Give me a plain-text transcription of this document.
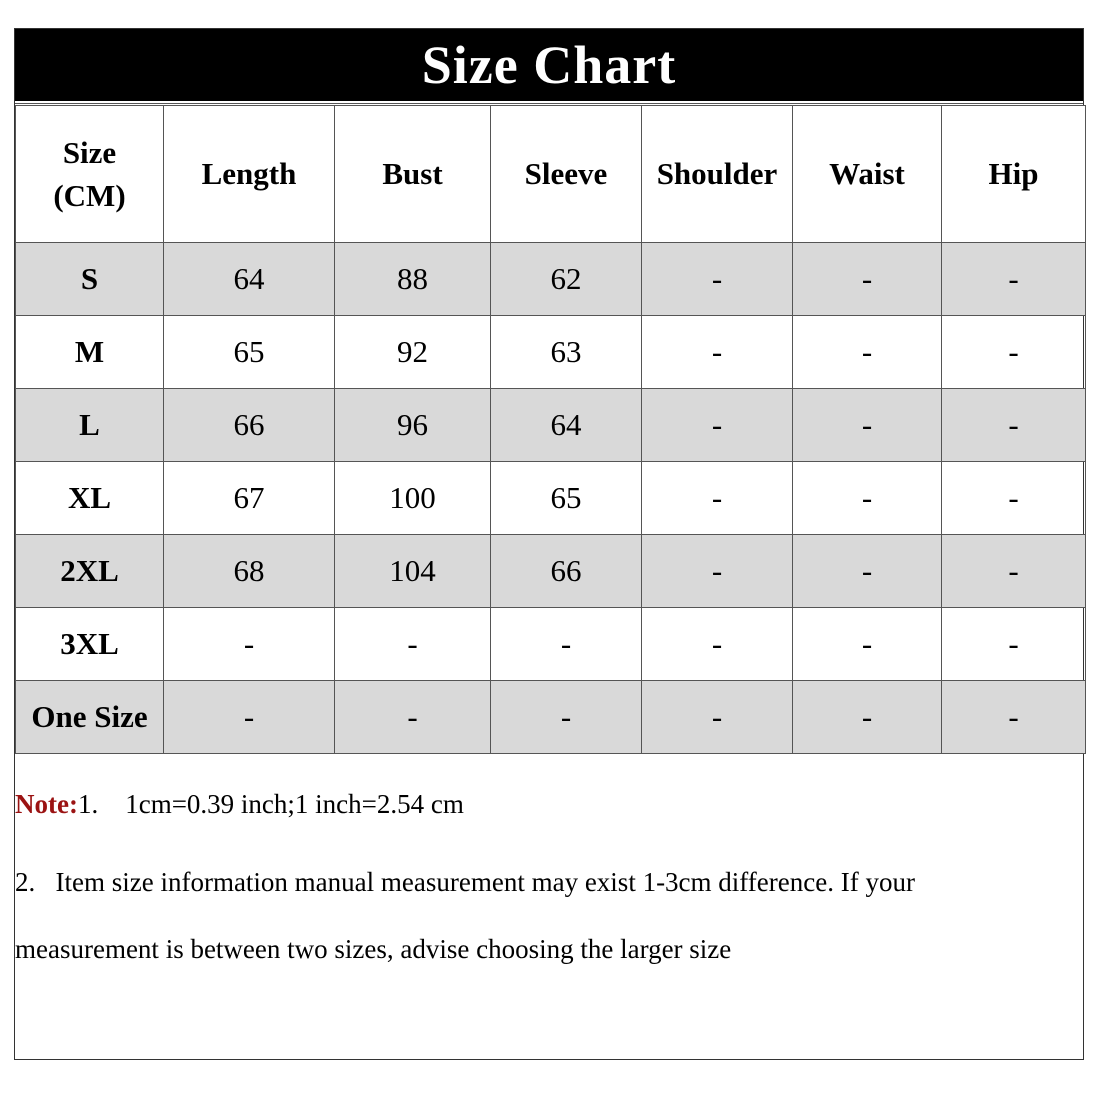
Size Chart
Size
(CM)	Length	Bust	Sleeve	Shoulder	Waist	Hip
S	64	88	62	-	-	-
M	65	92	63	-	-	-
L	66	96	64	-	-	-
XL	67	100	65	-	-	-
2XL	68	104	66	-	-	-
3XL	-	-	-	-	-	-
One Size	-	-	-	-	-	-
Note:1.    1cm=0.39 inch;1 inch=2.54 cm
2.   Item size information manual measurement may exist 1-3cm difference. If your
measurement is between two sizes, advise choosing the larger size
